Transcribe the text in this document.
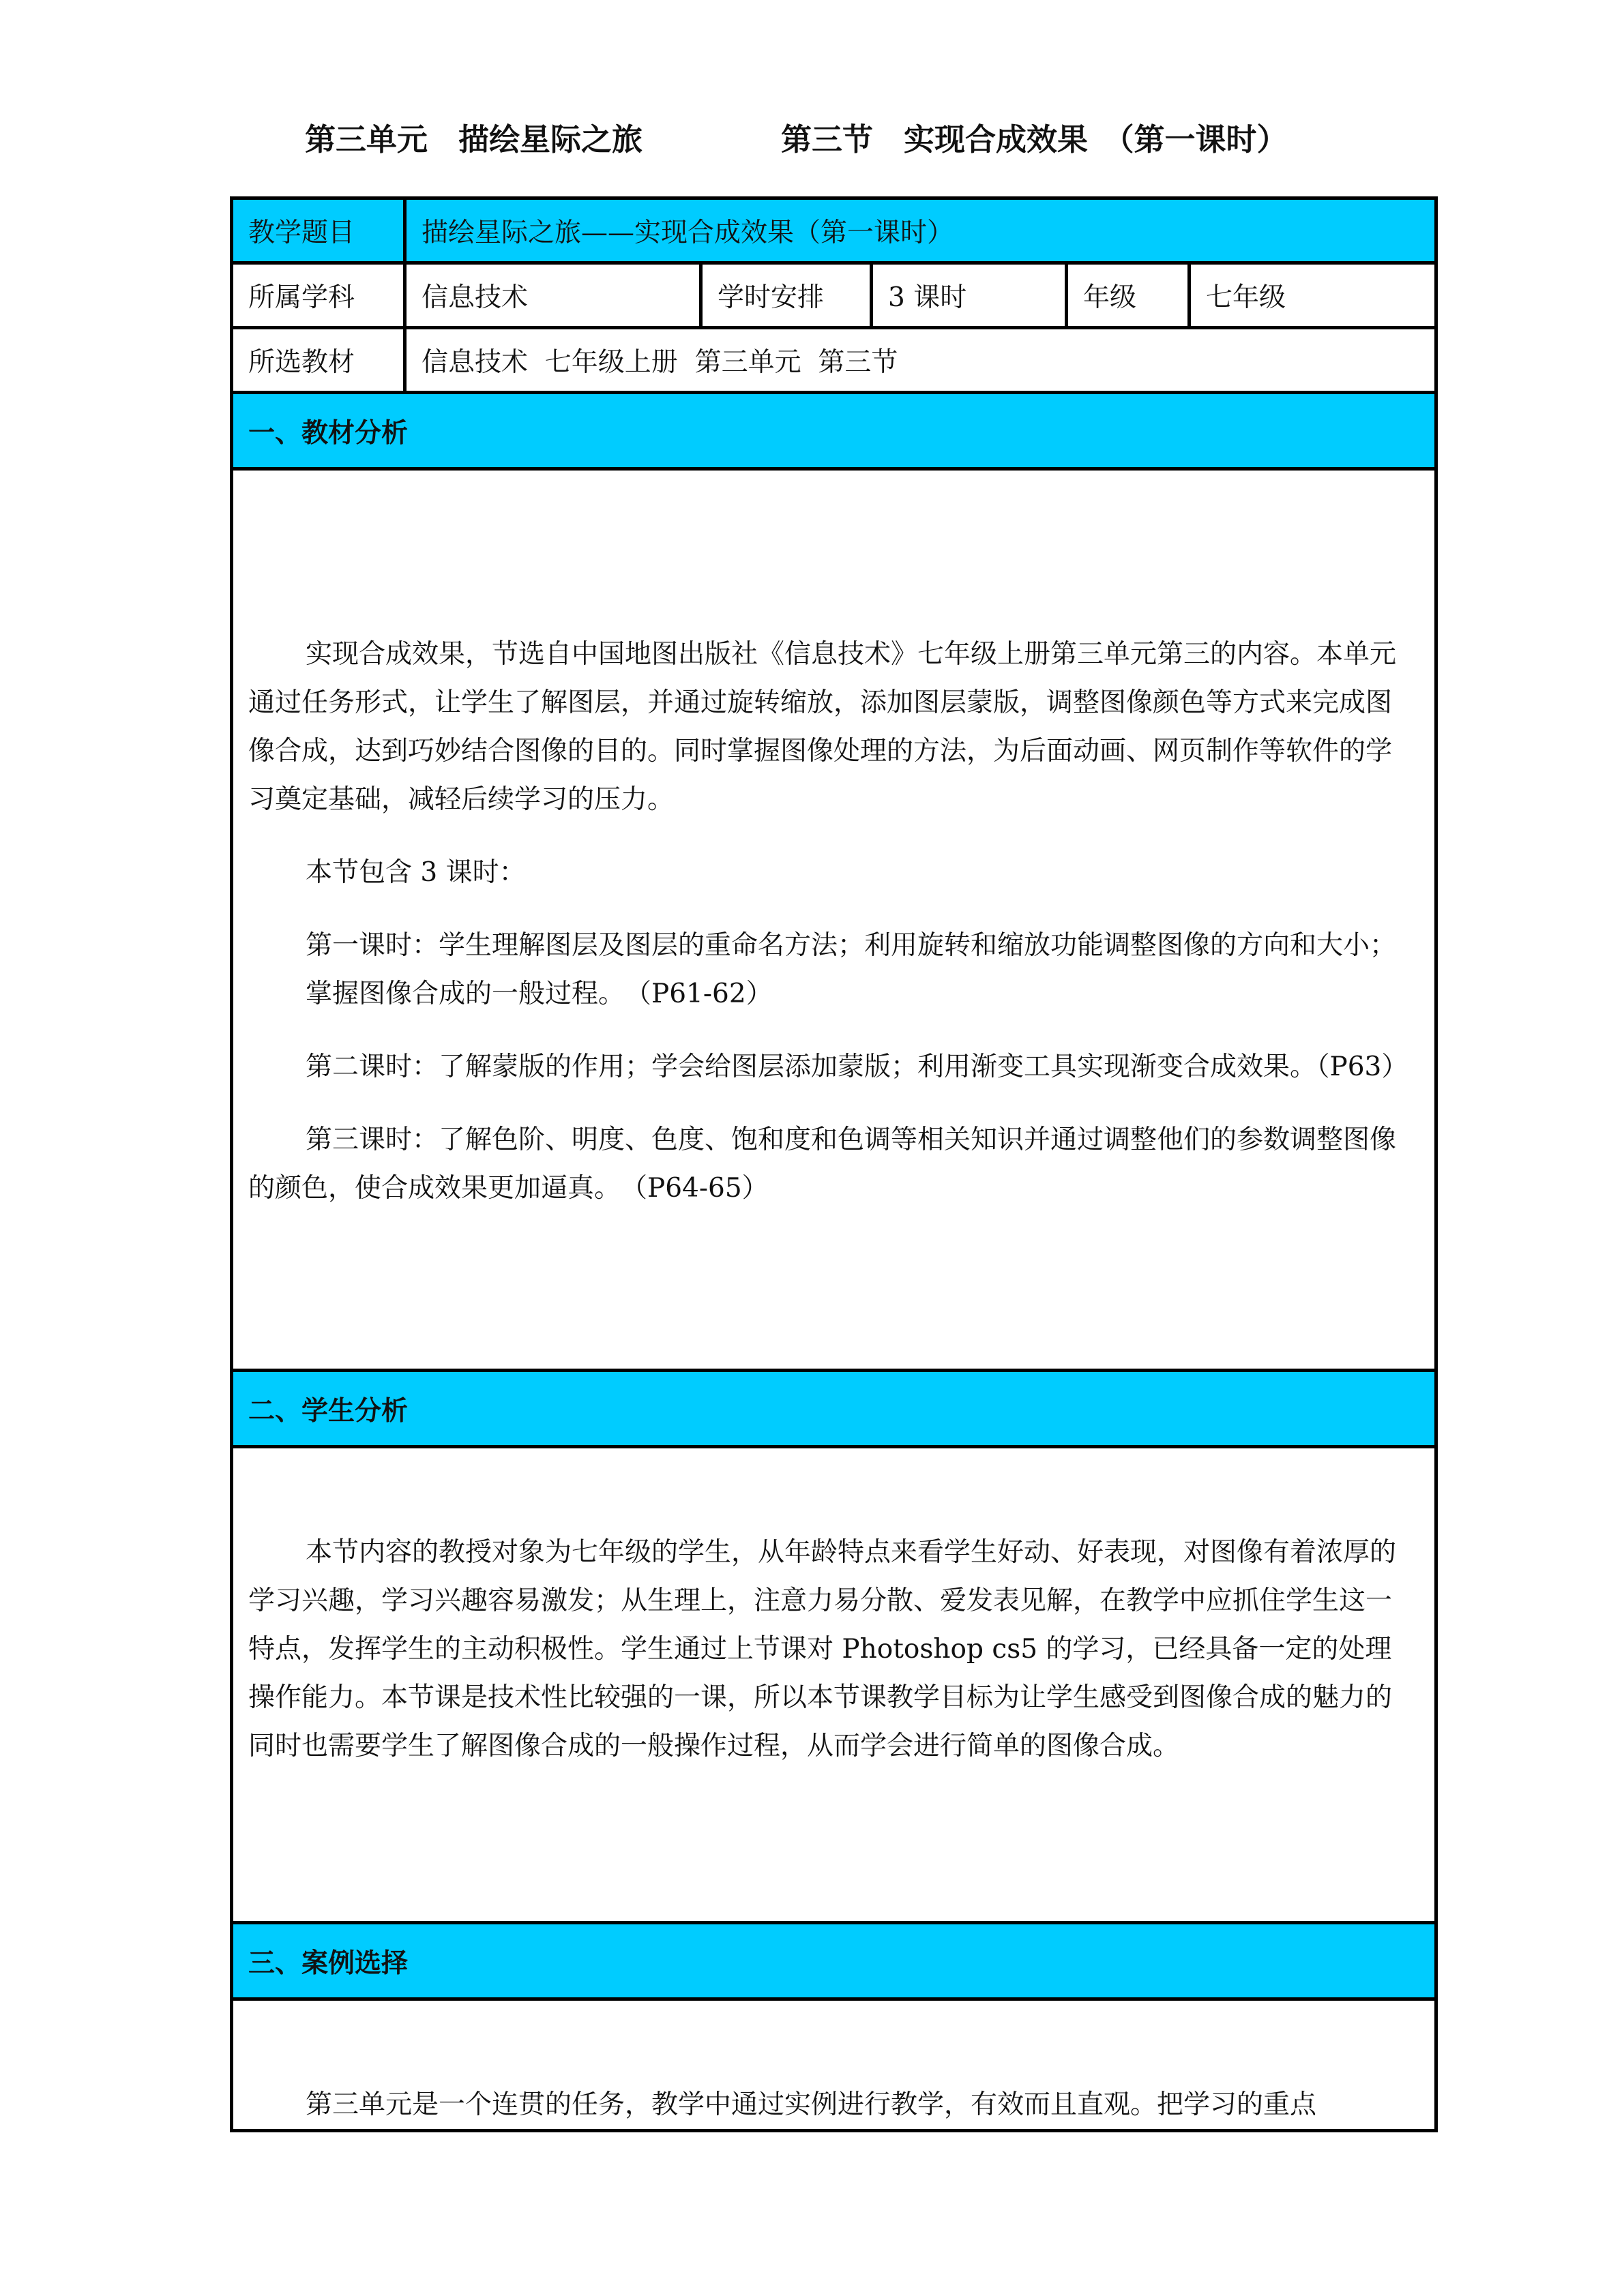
第三单元　描绘星际之旅	第三节　实现合成效果　（第一课时）
教学题目	描绘星际之旅——实现合成效果（第一课时）				
所属学科	信息技术	学时安排	3 课时	年级	七年级
所选教材	信息技术  七年级上册  第三单元  第三节				
一、教材分析					

实现合成效果，节选自中国地图出版社《信息技术》七年级上册第三单元第三的内容。本单元通过任务形式，让学生了解图层，并通过旋转缩放，添加图层蒙版，调整图像颜色等方式来完成图像合成，达到巧妙结合图像的目的。同时掌握图像处理的方法，为后面动画、网页制作等软件的学习奠定基础，减轻后续学习的压力。

本节包含 3 课时：

第一课时：学生理解图层及图层的重命名方法；利用旋转和缩放功能调整图像的方向和大小；掌握图像合成的一般过程。　（P61-62）

第二课时：了解蒙版的作用；学会给图层添加蒙版；利用渐变工具实现渐变合成效果。（P63）

第三课时：了解色阶、明度、色度、饱和度和色调等相关知识并通过调整他们的参数调整图像的颜色，使合成效果更加逼真。　（P64-65）					

二、学生分析					

本节内容的教授对象为七年级的学生，从年龄特点来看学生好动、好表现，对图像有着浓厚的学习兴趣，学习兴趣容易激发；从生理上，注意力易分散、爱发表见解，在教学中应抓住学生这一特点，发挥学生的主动积极性。学生通过上节课对 Photoshop cs5 的学习，已经具备一定的处理操作能力。本节课是技术性比较强的一课，所以本节课教学目标为让学生感受到图像合成的魅力的同时也需要学生了解图像合成的一般操作过程，从而学会进行简单的图像合成。					

三、案例选择					

第三单元是一个连贯的任务，教学中通过实例进行教学，有效而且直观。把学习的重点					
